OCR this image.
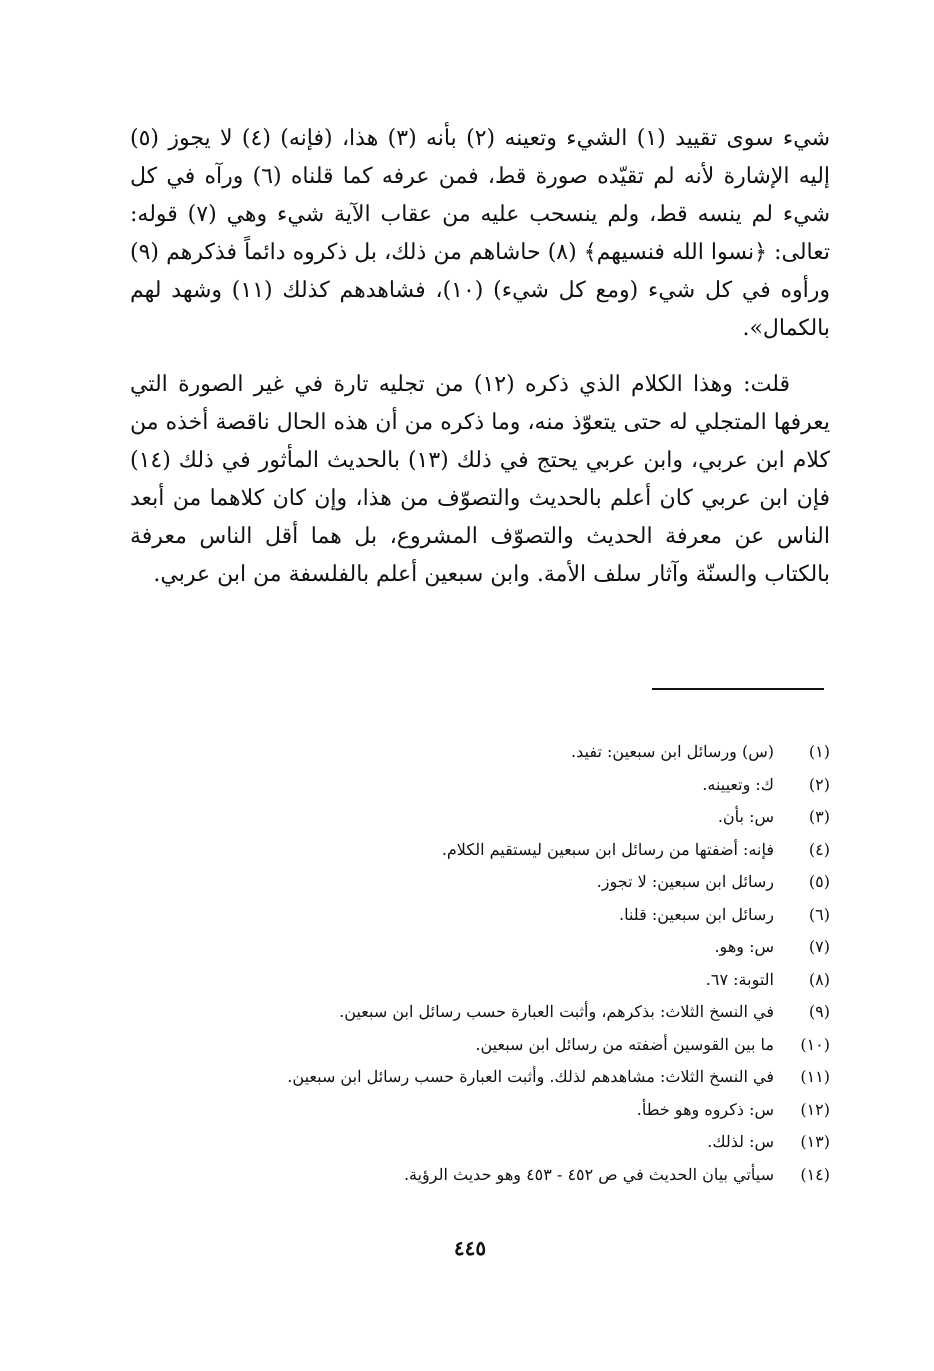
شيء سوى تقييد (١) الشيء وتعينه (٢) بأنه (٣) هذا، (فإنه) (٤) لا يجوز (٥) إليه الإشارة لأنه لم تقيّده صورة قط، فمن عرفه كما قلناه (٦) ورآه في كل شيء لم ينسه قط، ولم ينسحب عليه من عقاب الآية شيء وهي (٧) قوله: تعالى: ﴿نسوا الله فنسيهم﴾ (٨) حاشاهم من ذلك، بل ذكروه دائماً فذكرهم (٩) ورأوه في كل شيء (ومع كل شيء) (١٠)، فشاهدهم كذلك (١١) وشهد لهم بالكمال».

قلت: وهذا الكلام الذي ذكره (١٢) من تجليه تارة في غير الصورة التي يعرفها المتجلي له حتى يتعوّذ منه، وما ذكره من أن هذه الحال ناقصة أخذه من كلام ابن عربي، وابن عربي يحتج في ذلك (١٣) بالحديث المأثور في ذلك (١٤) فإن ابن عربي كان أعلم بالحديث والتصوّف من هذا، وإن كان كلاهما من أبعد الناس عن معرفة الحديث والتصوّف المشروع، بل هما أقل الناس معرفة بالكتاب والسنّة وآثار سلف الأمة. وابن سبعين أعلم بالفلسفة من ابن عربي.

(١)
(س) ورسائل ابن سبعين: تفيد.
(٢)
ك: وتعيينه.
(٣)
س: بأن.
(٤)
فإنه: أضفتها من رسائل ابن سبعين ليستقيم الكلام.
(٥)
رسائل ابن سبعين: لا تجوز.
(٦)
رسائل ابن سبعين: قلنا.
(٧)
س: وهو.
(٨)
التوبة: ٦٧.
(٩)
في النسخ الثلاث: بذكرهم، وأثبت العبارة حسب رسائل ابن سبعين.
(١٠)
ما بين القوسين أضفته من رسائل ابن سبعين.
(١١)
في النسخ الثلاث: مشاهدهم لذلك. وأثبت العبارة حسب رسائل ابن سبعين.
(١٢)
س: ذكروه وهو خطأ.
(١٣)
س: لذلك.
(١٤)
سيأتي بيان الحديث في ص ٤٥٢ - ٤٥٣ وهو حديث الرؤية.

٤٤٥
